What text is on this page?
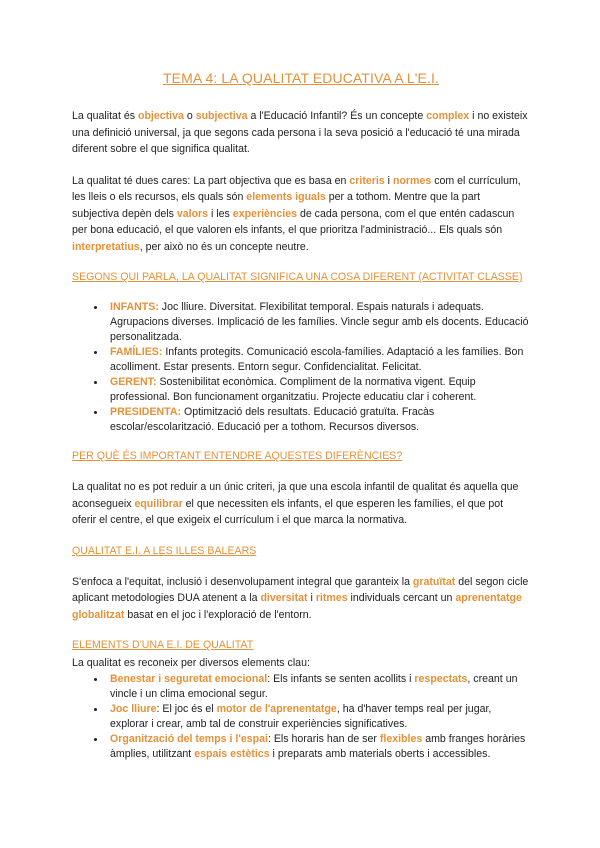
TEMA 4: LA QUALITAT EDUCATIVA A L'E.I.

La qualitat és objectiva o subjectiva a l'Educació Infantil? És un concepte complex i no existeix una definició universal, ja que segons cada persona i la seva posició a l'educació té una mirada diferent sobre el que significa qualitat.

La qualitat té dues cares: La part objectiva que es basa en criteris i normes com el currículum, les lleis o els recursos, els quals són elements iguals per a tothom. Mentre que la part subjectiva depèn dels valors i les experiències de cada persona, com el que entén cadascun per bona educació, el que valoren els infants, el que prioritza l'administració... Els quals són interpretatius, per això no és un concepte neutre.

SEGONS QUI PARLA, LA QUALITAT SIGNIFICA UNA COSA DIFERENT (ACTIVITAT CLASSE)
• INFANTS: Joc lliure. Diversitat. Flexibilitat temporal. Espais naturals i adequats. Agrupacions diverses. Implicació de les famílies. Vincle segur amb els docents. Educació personalitzada.
• FAMÍLIES: Infants protegits. Comunicació escola-famílies. Adaptació a les famílies. Bon acolliment. Estar presents. Entorn segur. Confidencialitat. Felicitat.
• GERENT: Sostenibilitat econòmica. Compliment de la normativa vigent. Equip professional. Bon funcionament organitzatiu. Projecte educatiu clar i coherent.
• PRESIDENTA: Optimització dels resultats. Educació gratuïta. Fracàs escolar/escolarització. Educació per a tothom. Recursos diversos.
PER QUÈ ÉS IMPORTANT ENTENDRE AQUESTES DIFERÈNCIES?

La qualitat no es pot reduir a un únic criteri, ja que una escola infantil de qualitat és aquella que aconsegueix equilibrar el que necessiten els infants, el que esperen les famílies, el que pot oferir el centre, el que exigeix el currículum i el que marca la normativa.

QUALITAT E.I. A LES ILLES BALEARS

S'enfoca a l'equitat, inclusió i desenvolupament integral que garanteix la gratuïtat del segon cicle aplicant metodologies DUA atenent a la diversitat i ritmes individuals cercant un aprenentatge globalitzat basat en el joc i l'exploració de l'entorn.

ELEMENTS D'UNA E.I. DE QUALITAT

La qualitat es reconeix per diversos elements clau:

• Benestar i seguretat emocional: Els infants se senten acollits i respectats, creant un vincle i un clima emocional segur.
• Joc lliure: El joc és el motor de l'aprenentatge, ha d'haver temps real per jugar, explorar i crear, amb tal de construir experiències significatives.
• Organització del temps i l'espai: Els horaris han de ser flexibles amb franges horàries àmplies, utilitzant espais estètics i preparats amb materials oberts i accessibles.
